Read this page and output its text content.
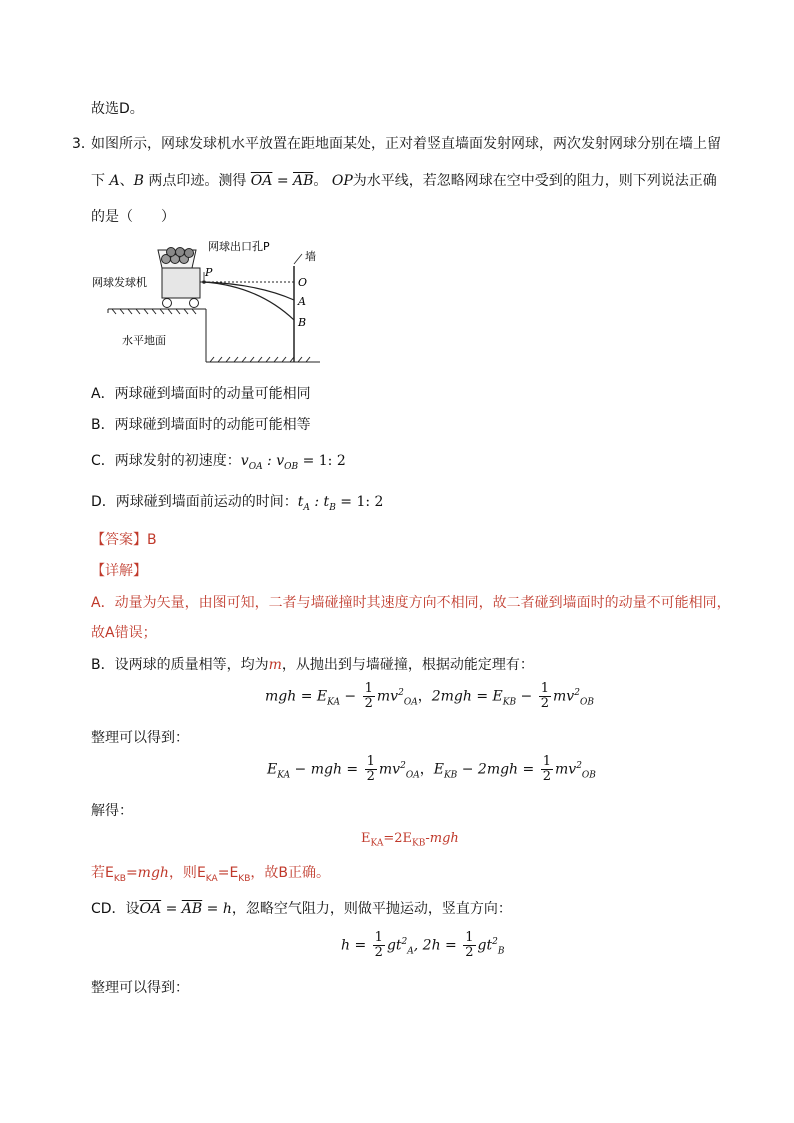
故选D。
3．
如图所示，网球发球机水平放置在距地面某处，正对着竖直墙面发射网球，两次发射网球分别在墙上留
下 A、B 两点印迹。测得 $\overline{OA} = \overline{AB}$。 OP为水平线，若忽略网球在空中受到的阻力，则下列说法正确
的是（　　）
网球出口孔P
墙
网球发球机
水平地面
P
O
A
B
A．两球碰到墙面时的动量可能相同
B．两球碰到墙面时的动能可能相等
C．两球发射的初速度：$v_{OA}$ : $v_{OB} = 1$: 2
D．两球碰到墙面前运动的时间：$t_A$ : $t_B = 1$: 2
【答案】B
【详解】
A．动量为矢量，由图可知，二者与墙碰撞时其速度方向不相同，故二者碰到墙面时的动量不可能相同，
故A错误；
B．设两球的质量相等，均为m，从抛出到与墙碰撞，根据动能定理有：
mgh = $E_{KA} - \frac{1}{2} mv^2_{OA}$，$2mgh = E_{KB} - \frac{1}{2} mv^2_{OB}$
整理可以得到：
$E_{KA}$ − mgh = $\frac{1}{2} mv^2_{OA}$，$E_{KB} - 2mgh = \frac{1}{2} mv^2_{OB}$
解得：
$E_{KA}=2E_{KB}$-mgh
若$E_{KB}=mgh$，则$E_{KA}=E_{KB}$，故B正确。
CD．设$\overline{OA} = \overline{AB} = h$，忽略空气阻力，则做平抛运动，竖直方向：
$h = \frac{1}{2} gt^2_A$, $2h = \frac{1}{2} gt^2_B$
整理可以得到：
